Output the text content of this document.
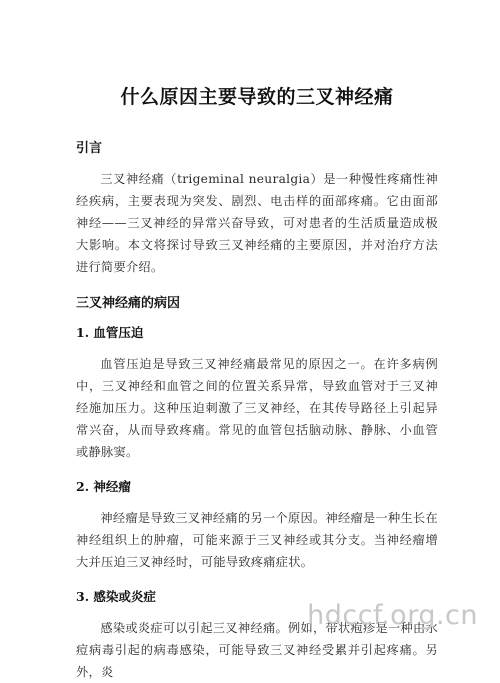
什么原因主要导致的三叉神经痛
引言

三叉神经痛（trigeminal neuralgia）是一种慢性疼痛性神经疾病，主要表现为突发、剧烈、电击样的面部疼痛。它由面部神经——三叉神经的异常兴奋导致，可对患者的生活质量造成极大影响。本文将探讨导致三叉神经痛的主要原因，并对治疗方法进行简要介绍。

三叉神经痛的病因
1. 血管压迫

血管压迫是导致三叉神经痛最常见的原因之一。在许多病例中，三叉神经和血管之间的位置关系异常，导致血管对于三叉神经施加压力。这种压迫刺激了三叉神经，在其传导路径上引起异常兴奋，从而导致疼痛。常见的血管包括脑动脉、静脉、小血管或静脉窦。

2. 神经瘤

神经瘤是导致三叉神经痛的另一个原因。神经瘤是一种生长在神经组织上的肿瘤，可能来源于三叉神经或其分支。当神经瘤增大并压迫三叉神经时，可能导致疼痛症状。

3. 感染或炎症

感染或炎症可以引起三叉神经痛。例如，带状疱疹是一种由水痘病毒引起的病毒感染，可能导致三叉神经受累并引起疼痛。另外，炎

hdccf.org.cn
